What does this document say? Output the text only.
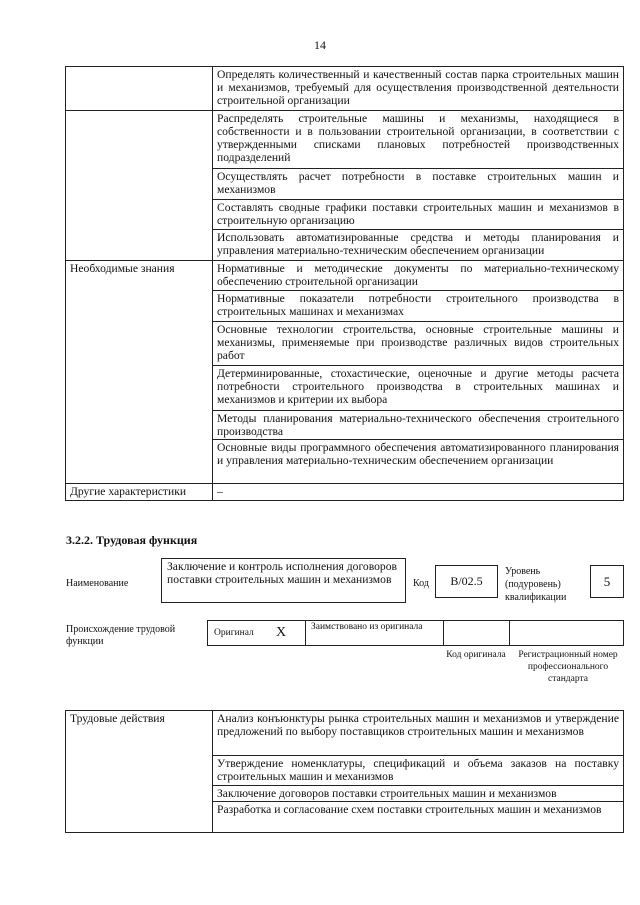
14
	Определять количественный и качественный состав парка строительных машин и механизмов, требуемый для осуществления производственной деятельности строительной организации
	Распределять строительные машины и механизмы, находящиеся в собственности и в пользовании строительной организации, в соответствии с утвержденными списками плановых потребностей производственных подразделений
	Осуществлять расчет потребности в поставке строительных машин и механизмов
	Составлять сводные графики поставки строительных машин и механизмов в строительную организацию
	Использовать автоматизированные средства и методы планирования и управления материально-техническим обеспечением организации
Необходимые знания	Нормативные и методические документы по материально-техническому обеспечению строительной организации
	Нормативные показатели потребности строительного производства в строительных машинах и механизмах
	Основные технологии строительства, основные строительные машины и механизмы, применяемые при производстве различных видов строительных работ
	Детерминированные, стохастические, оценочные и другие методы расчета потребности строительного производства в строительных машинах и механизмов и критерии их выбора
	Методы планирования материально-технического обеспечения строительного производства
	Основные виды программного обеспечения автоматизированного планирования и управления материально-техническим обеспечением организации
Другие характеристики	–
3.2.2. Трудовая функция
Наименование
Заключение и контроль исполнения договоров поставки строительных машин и механизмов	Код	B/02.5
Уровень (подуровень) квалификации
5
Происхождение трудовой функции
Оригинал X	Заимствовано из оригинала
Код оригинала	Регистрационный номер профессионального стандарта
Трудовые действия	Анализ конъюнктуры рынка строительных машин и механизмов и утверждение предложений по выбору поставщиков строительных машин и механизмов
	Утверждение номенклатуры, спецификаций и объема заказов на поставку строительных машин и механизмов
	Заключение договоров поставки строительных машин и механизмов
	Разработка и согласование схем поставки строительных машин и механизмов
